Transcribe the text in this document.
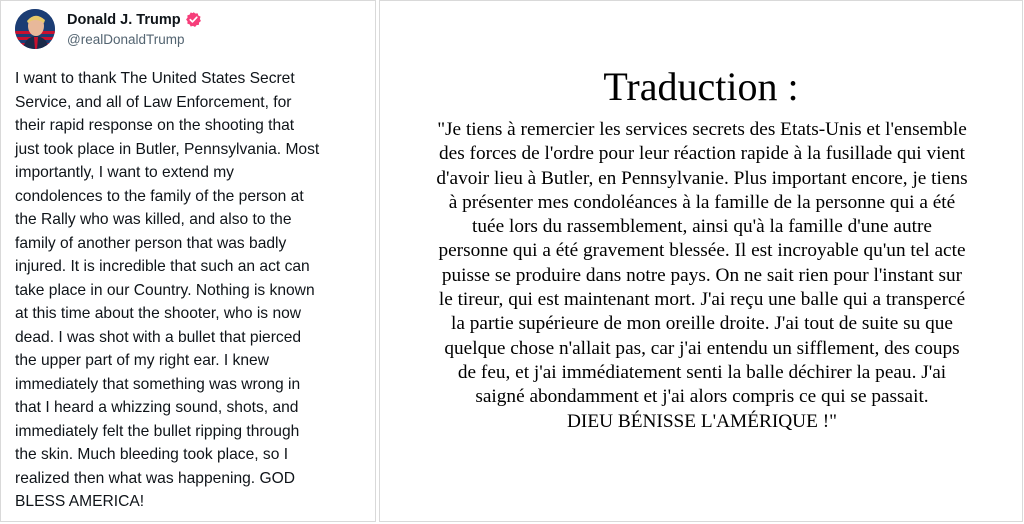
Donald J. Trump
@realDonaldTrump
I want to thank The United States Secret
Service, and all of Law Enforcement, for
their rapid response on the shooting that
just took place in Butler, Pennsylvania. Most
importantly, I want to extend my
condolences to the family of the person at
the Rally who was killed, and also to the
family of another person that was badly
injured. It is incredible that such an act can
take place in our Country. Nothing is known
at this time about the shooter, who is now
dead. I was shot with a bullet that pierced
the upper part of my right ear. I knew
immediately that something was wrong in
that I heard a whizzing sound, shots, and
immediately felt the bullet ripping through
the skin. Much bleeding took place, so I
realized then what was happening. GOD
BLESS AMERICA!
Traduction :
"Je tiens à remercier les services secrets des Etats-Unis et l'ensemble
des forces de l'ordre pour leur réaction rapide à la fusillade qui vient
d'avoir lieu à Butler, en Pennsylvanie. Plus important encore, je tiens
à présenter mes condoléances à la famille de la personne qui a été
tuée lors du rassemblement, ainsi qu'à la famille d'une autre
personne qui a été gravement blessée. Il est incroyable qu'un tel acte
puisse se produire dans notre pays. On ne sait rien pour l'instant sur
le tireur, qui est maintenant mort. J'ai reçu une balle qui a transpercé
la partie supérieure de mon oreille droite. J'ai tout de suite su que
quelque chose n'allait pas, car j'ai entendu un sifflement, des coups
de feu, et j'ai immédiatement senti la balle déchirer la peau. J'ai
saigné abondamment et j'ai alors compris ce qui se passait.
DIEU BÉNISSE L'AMÉRIQUE !"
